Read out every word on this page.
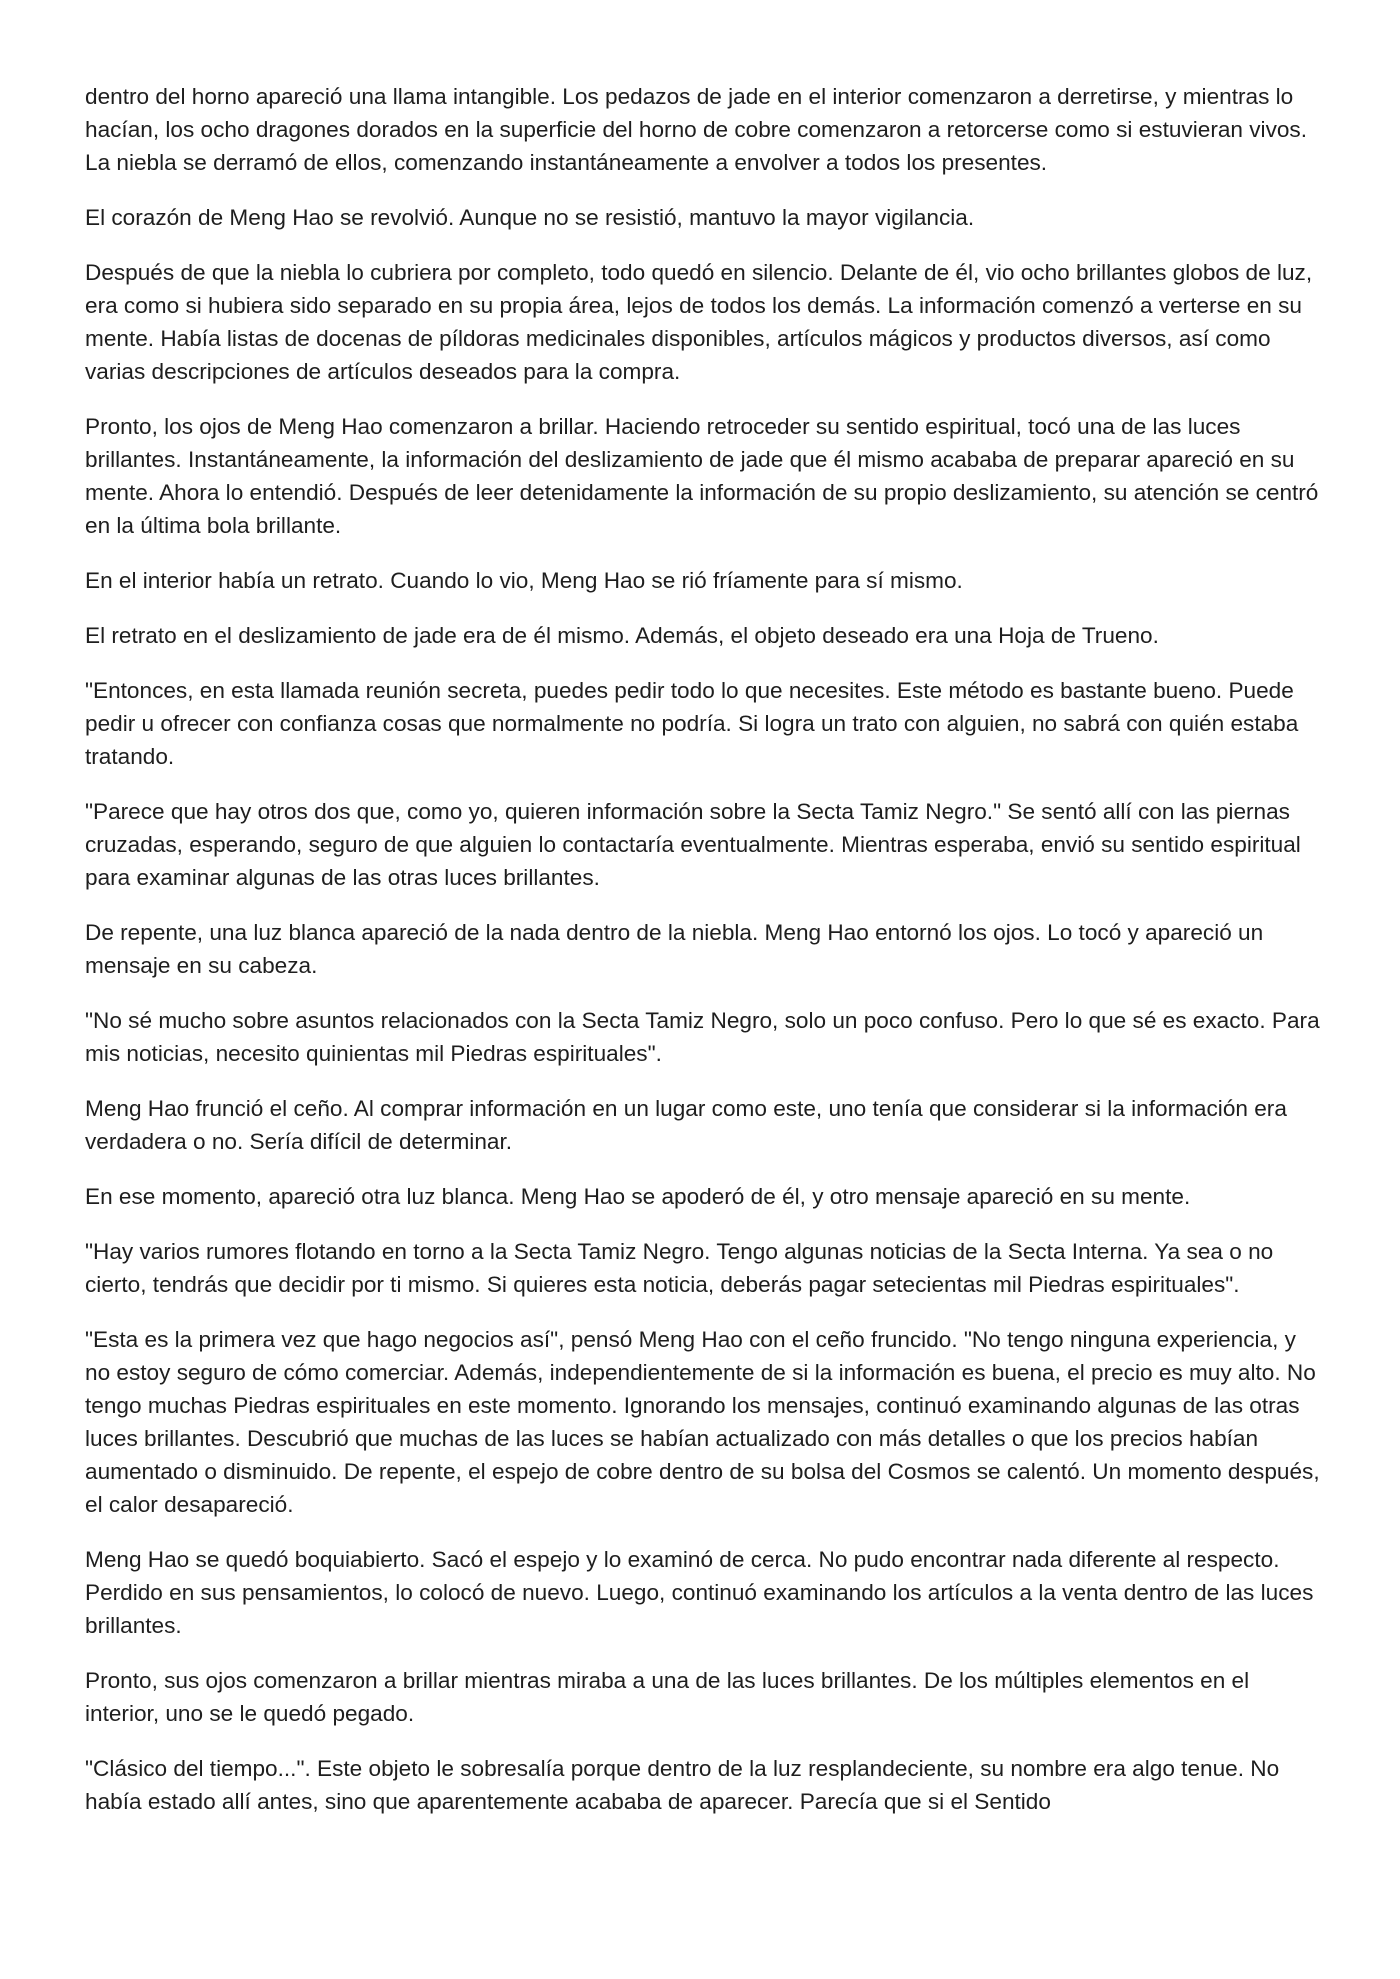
dentro del horno apareció una llama intangible. Los pedazos de jade en el interior comenzaron a derretirse, y mientras lo hacían, los ocho dragones dorados en la superficie del horno de cobre comenzaron a retorcerse como si estuvieran vivos. La niebla se derramó de ellos, comenzando instantáneamente a envolver a todos los presentes.

El corazón de Meng Hao se revolvió. Aunque no se resistió, mantuvo la mayor vigilancia.

Después de que la niebla lo cubriera por completo, todo quedó en silencio. Delante de él, vio ocho brillantes globos de luz, era como si hubiera sido separado en su propia área, lejos de todos los demás. La información comenzó a verterse en su mente. Había listas de docenas de píldoras medicinales disponibles, artículos mágicos y productos diversos, así como varias descripciones de artículos deseados para la compra.

Pronto, los ojos de Meng Hao comenzaron a brillar. Haciendo retroceder su sentido espiritual, tocó una de las luces brillantes. Instantáneamente, la información del deslizamiento de jade que él mismo acababa de preparar apareció en su mente. Ahora lo entendió. Después de leer detenidamente la información de su propio deslizamiento, su atención se centró en la última bola brillante.

En el interior había un retrato. Cuando lo vio, Meng Hao se rió fríamente para sí mismo.

El retrato en el deslizamiento de jade era de él mismo. Además, el objeto deseado era una Hoja de Trueno.

"Entonces, en esta llamada reunión secreta, puedes pedir todo lo que necesites. Este método es bastante bueno. Puede pedir u ofrecer con confianza cosas que normalmente no podría. Si logra un trato con alguien, no sabrá con quién estaba tratando.

"Parece que hay otros dos que, como yo, quieren información sobre la Secta Tamiz Negro." Se sentó allí con las piernas cruzadas, esperando, seguro de que alguien lo contactaría eventualmente. Mientras esperaba, envió su sentido espiritual para examinar algunas de las otras luces brillantes.

De repente, una luz blanca apareció de la nada dentro de la niebla. Meng Hao entornó los ojos. Lo tocó y apareció un mensaje en su cabeza.

"No sé mucho sobre asuntos relacionados con la Secta Tamiz Negro, solo un poco confuso. Pero lo que sé es exacto. Para mis noticias, necesito quinientas mil Piedras espirituales".

Meng Hao frunció el ceño. Al comprar información en un lugar como este, uno tenía que considerar si la información era verdadera o no. Sería difícil de determinar.

En ese momento, apareció otra luz blanca. Meng Hao se apoderó de él, y otro mensaje apareció en su mente.

"Hay varios rumores flotando en torno a la Secta Tamiz Negro. Tengo algunas noticias de la Secta Interna. Ya sea o no cierto, tendrás que decidir por ti mismo. Si quieres esta noticia, deberás pagar setecientas mil Piedras espirituales".

"Esta es la primera vez que hago negocios así", pensó Meng Hao con el ceño fruncido. "No tengo ninguna experiencia, y no estoy seguro de cómo comerciar. Además, independientemente de si la información es buena, el precio es muy alto. No tengo muchas Piedras espirituales en este momento. Ignorando los mensajes, continuó examinando algunas de las otras luces brillantes. Descubrió que muchas de las luces se habían actualizado con más detalles o que los precios habían aumentado o disminuido. De repente, el espejo de cobre dentro de su bolsa del Cosmos se calentó. Un momento después, el calor desapareció.

Meng Hao se quedó boquiabierto. Sacó el espejo y lo examinó de cerca. No pudo encontrar nada diferente al respecto. Perdido en sus pensamientos, lo colocó de nuevo. Luego, continuó examinando los artículos a la venta dentro de las luces brillantes.

Pronto, sus ojos comenzaron a brillar mientras miraba a una de las luces brillantes. De los múltiples elementos en el interior, uno se le quedó pegado.

"Clásico del tiempo...". Este objeto le sobresalía porque dentro de la luz resplandeciente, su nombre era algo tenue. No había estado allí antes, sino que aparentemente acababa de aparecer. Parecía que si el Sentido
